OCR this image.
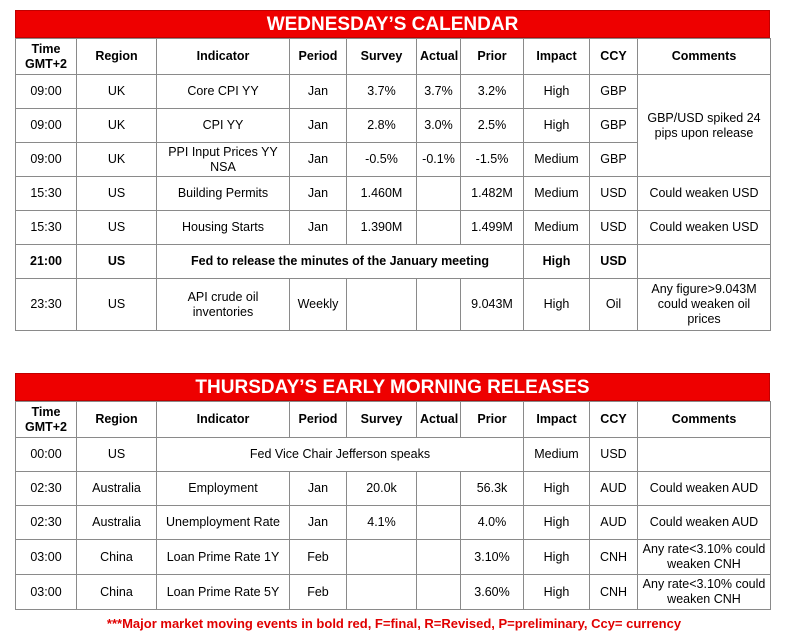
WEDNESDAY’S CALENDAR
Time GMT+2	Region	Indicator	Period	Survey	Actual	Prior	Impact	CCY	Comments
09:00	UK	Core CPI YY	Jan	3.7%	3.7%	3.2%	High	GBP	GBP/USD spiked 24 pips upon release
09:00	UK	CPI YY	Jan	2.8%	3.0%	2.5%	High	GBP	
09:00	UK	PPI Input Prices YY NSA	Jan	-0.5%	-0.1%	-1.5%	Medium	GBP	
15:30	US	Building Permits	Jan	1.460M		1.482M	Medium	USD	Could weaken USD
15:30	US	Housing Starts	Jan	1.390M		1.499M	Medium	USD	Could weaken USD
21:00	US	Fed to release the minutes of the January meeting					High	USD	
23:30	US	API crude oil inventories	Weekly			9.043M	High	Oil	Any figure>9.043M could weaken oil prices
THURSDAY’S EARLY MORNING RELEASES
Time GMT+2	Region	Indicator	Period	Survey	Actual	Prior	Impact	CCY	Comments
00:00	US	Fed Vice Chair Jefferson speaks					Medium	USD	
02:30	Australia	Employment	Jan	20.0k		56.3k	High	AUD	Could weaken AUD
02:30	Australia	Unemployment Rate	Jan	4.1%		4.0%	High	AUD	Could weaken AUD
03:00	China	Loan Prime Rate 1Y	Feb			3.10%	High	CNH	Any rate<3.10% could weaken CNH
03:00	China	Loan Prime Rate 5Y	Feb			3.60%	High	CNH	Any rate<3.10% could weaken CNH
***Major market moving events in bold red, F=final, R=Revised, P=preliminary, Ccy= currency
